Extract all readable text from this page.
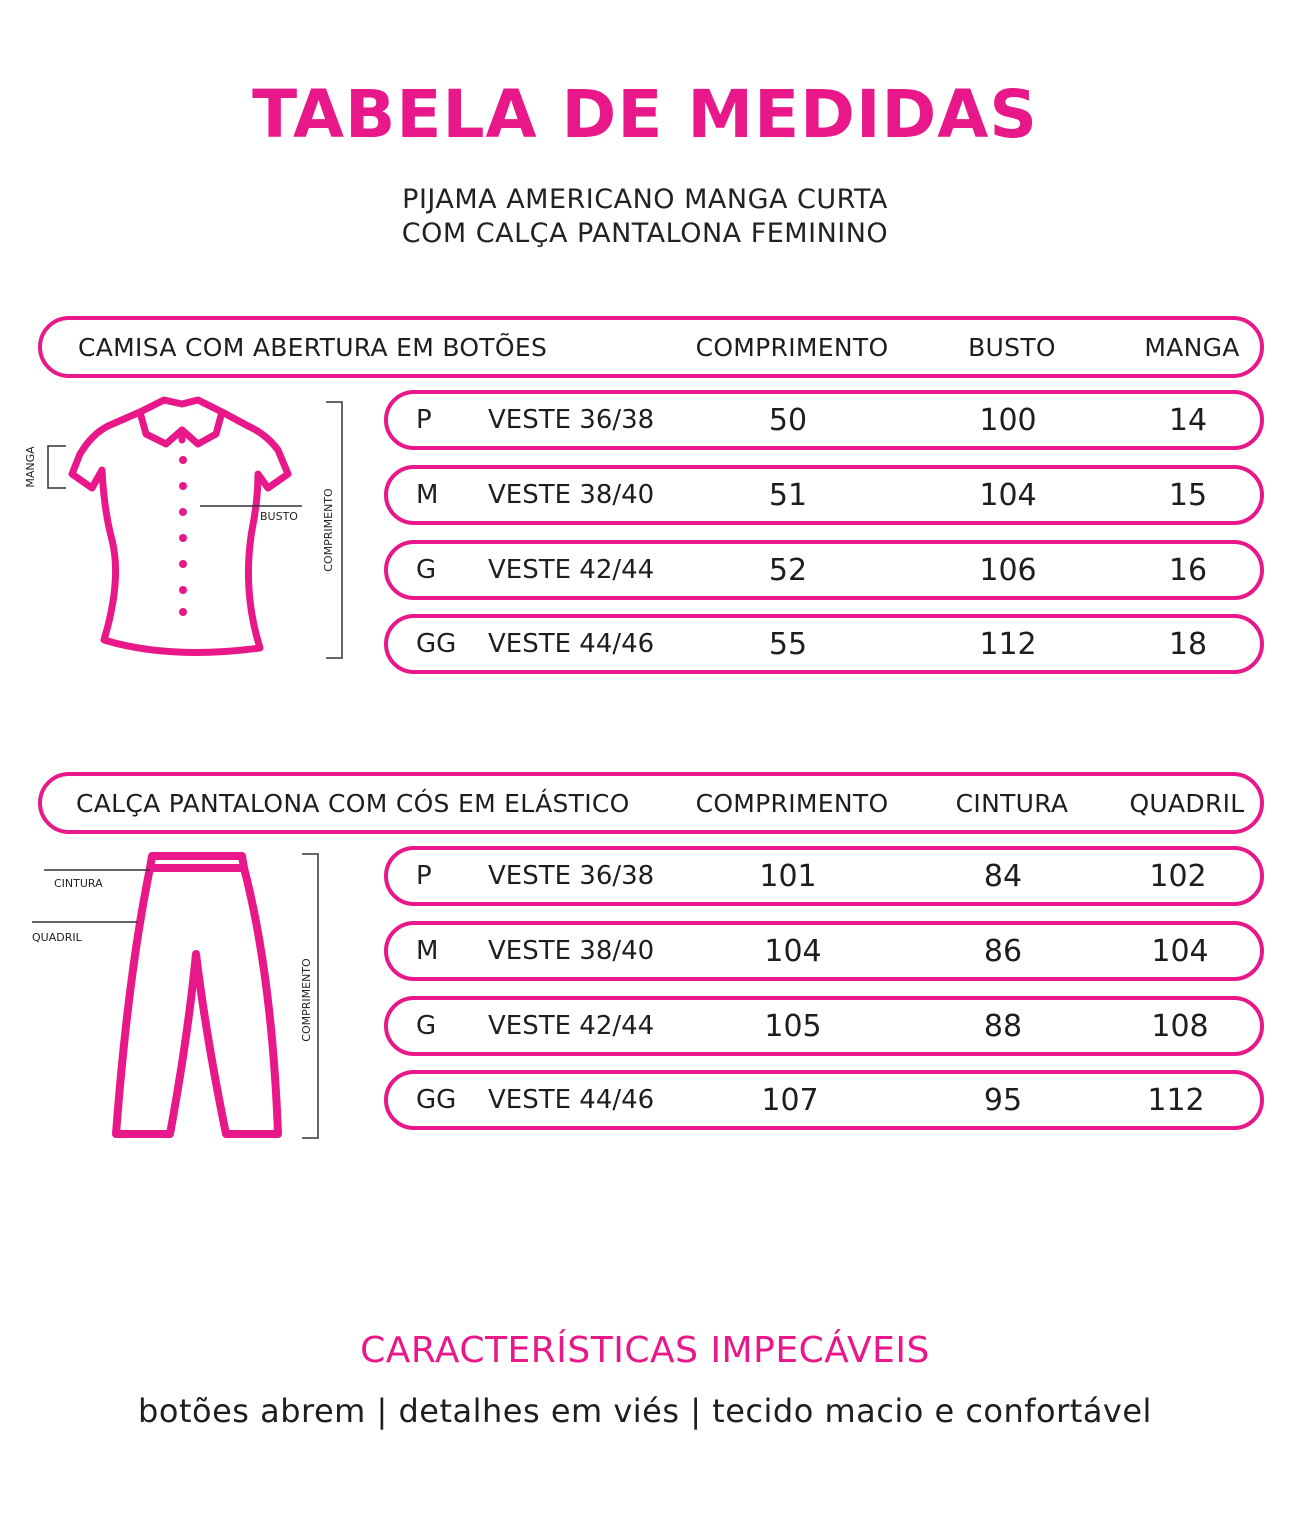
TABELA DE MEDIDAS
PIJAMA AMERICANO MANGA CURTA
COM CALÇA PANTALONA FEMININO
CAMISA COM ABERTURA EM BOTÕES	COMPRIMENTO	BUSTO	MANGA
P VESTE 36/38	50	100	14
M VESTE 38/40	51	104	15
G VESTE 42/44	52	106	16
GG VESTE 44/46	55	112	18
MANGA
BUSTO COMPRIMENTO
CALÇA PANTALONA COM CÓS EM ELÁSTICO	COMPRIMENTO	CINTURA	QUADRIL
P VESTE 36/38	101	84	102
M VESTE 38/40	104	86	104
G VESTE 42/44	105	88	108
GG VESTE 44/46	107	95	112
CINTURA
QUADRIL
COMPRIMENTO
CARACTERÍSTICAS IMPECÁVEIS
botões abrem | detalhes em viés | tecido macio e confortável
